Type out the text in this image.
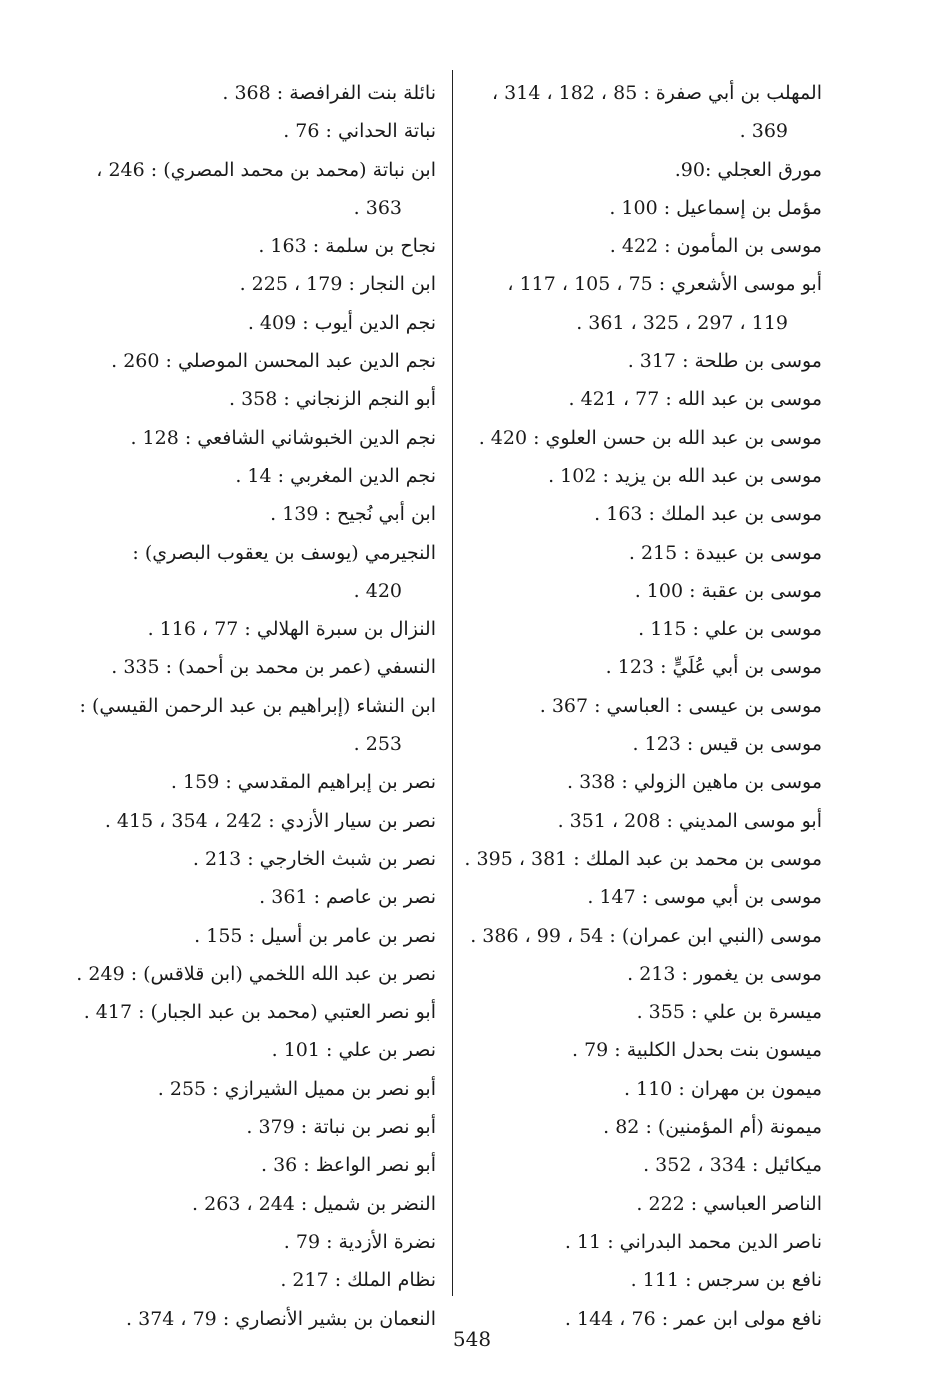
المهلب بن أبي صفرة : 85 ، 182 ، 314 ،
369 .
مورق العجلي :90.
مؤمل بن إسماعيل : 100 .
موسى بن المأمون : 422 .
أبو موسى الأشعري : 75 ، 105 ، 117 ،
119 ، 297 ، 325 ، 361 .
موسى بن طلحة : 317 .
موسى بن عبد الله : 77 ، 421 .
موسى بن عبد الله بن حسن العلوي : 420 .
موسى بن عبد الله بن يزيد : 102 .
موسى بن عبد الملك : 163 .
موسى بن عبيدة : 215 .
موسى بن عقبة : 100 .
موسى بن علي : 115 .
موسى بن أبي عُلَيٍّ : 123 .
موسى بن عيسى : العباسي : 367 .
موسى بن قيس : 123 .
موسى بن ماهين الزولي : 338 .
أبو موسى المديني : 208 ، 351 .
موسى بن محمد بن عبد الملك : 381 ، 395 .
موسى بن أبي موسى : 147 .
موسى (النبي ابن عمران) : 54 ، 99 ، 386 .
موسى بن يغمور : 213 .
ميسرة بن علي : 355 .
ميسون بنت بحدل الكلبية : 79 .
ميمون بن مهران : 110 .
ميمونة (أم المؤمنين) : 82 .
ميكائيل : 334 ، 352 .
الناصر العباسي : 222 .
ناصر الدين محمد البدراني : 11 .
نافع بن سرجس : 111 .
نافع مولى ابن عمر : 76 ، 144 .
نائلة بنت الفرافصة : 368 .
نباتة الحداني : 76 .
ابن نباتة (محمد بن محمد المصري) : 246 ،
363 .
نجاح بن سلمة : 163 .
ابن النجار : 179 ، 225 .
نجم الدين أيوب : 409 .
نجم الدين عبد المحسن الموصلي : 260 .
أبو النجم الزنجاني : 358 .
نجم الدين الخبوشاني الشافعي : 128 .
نجم الدين المغربي : 14 .
ابن أبي نُجيح : 139 .
النجيرمي (يوسف بن يعقوب البصري) :
420 .
النزال بن سبرة الهلالي : 77 ، 116 .
النسفي (عمر بن محمد بن أحمد) : 335 .
ابن النشاء (إبراهيم بن عبد الرحمن القيسي) :
253 .
نصر بن إبراهيم المقدسي : 159 .
نصر بن سيار الأزدي : 242 ، 354 ، 415 .
نصر بن شبث الخارجي : 213 .
نصر بن عاصم : 361 .
نصر بن عامر بن أسيل : 155 .
نصر بن عبد الله اللخمي (ابن قلاقس) : 249 .
أبو نصر العتبي (محمد بن عبد الجبار) : 417 .
نصر بن علي : 101 .
أبو نصر بن مميل الشيرازي : 255 .
أبو نصر بن نباتة : 379 .
أبو نصر الواعظ : 36 .
النضر بن شميل : 244 ، 263 .
نضرة الأزدية : 79 .
نظام الملك : 217 .
النعمان بن بشير الأنصاري : 79 ، 374 .
548
